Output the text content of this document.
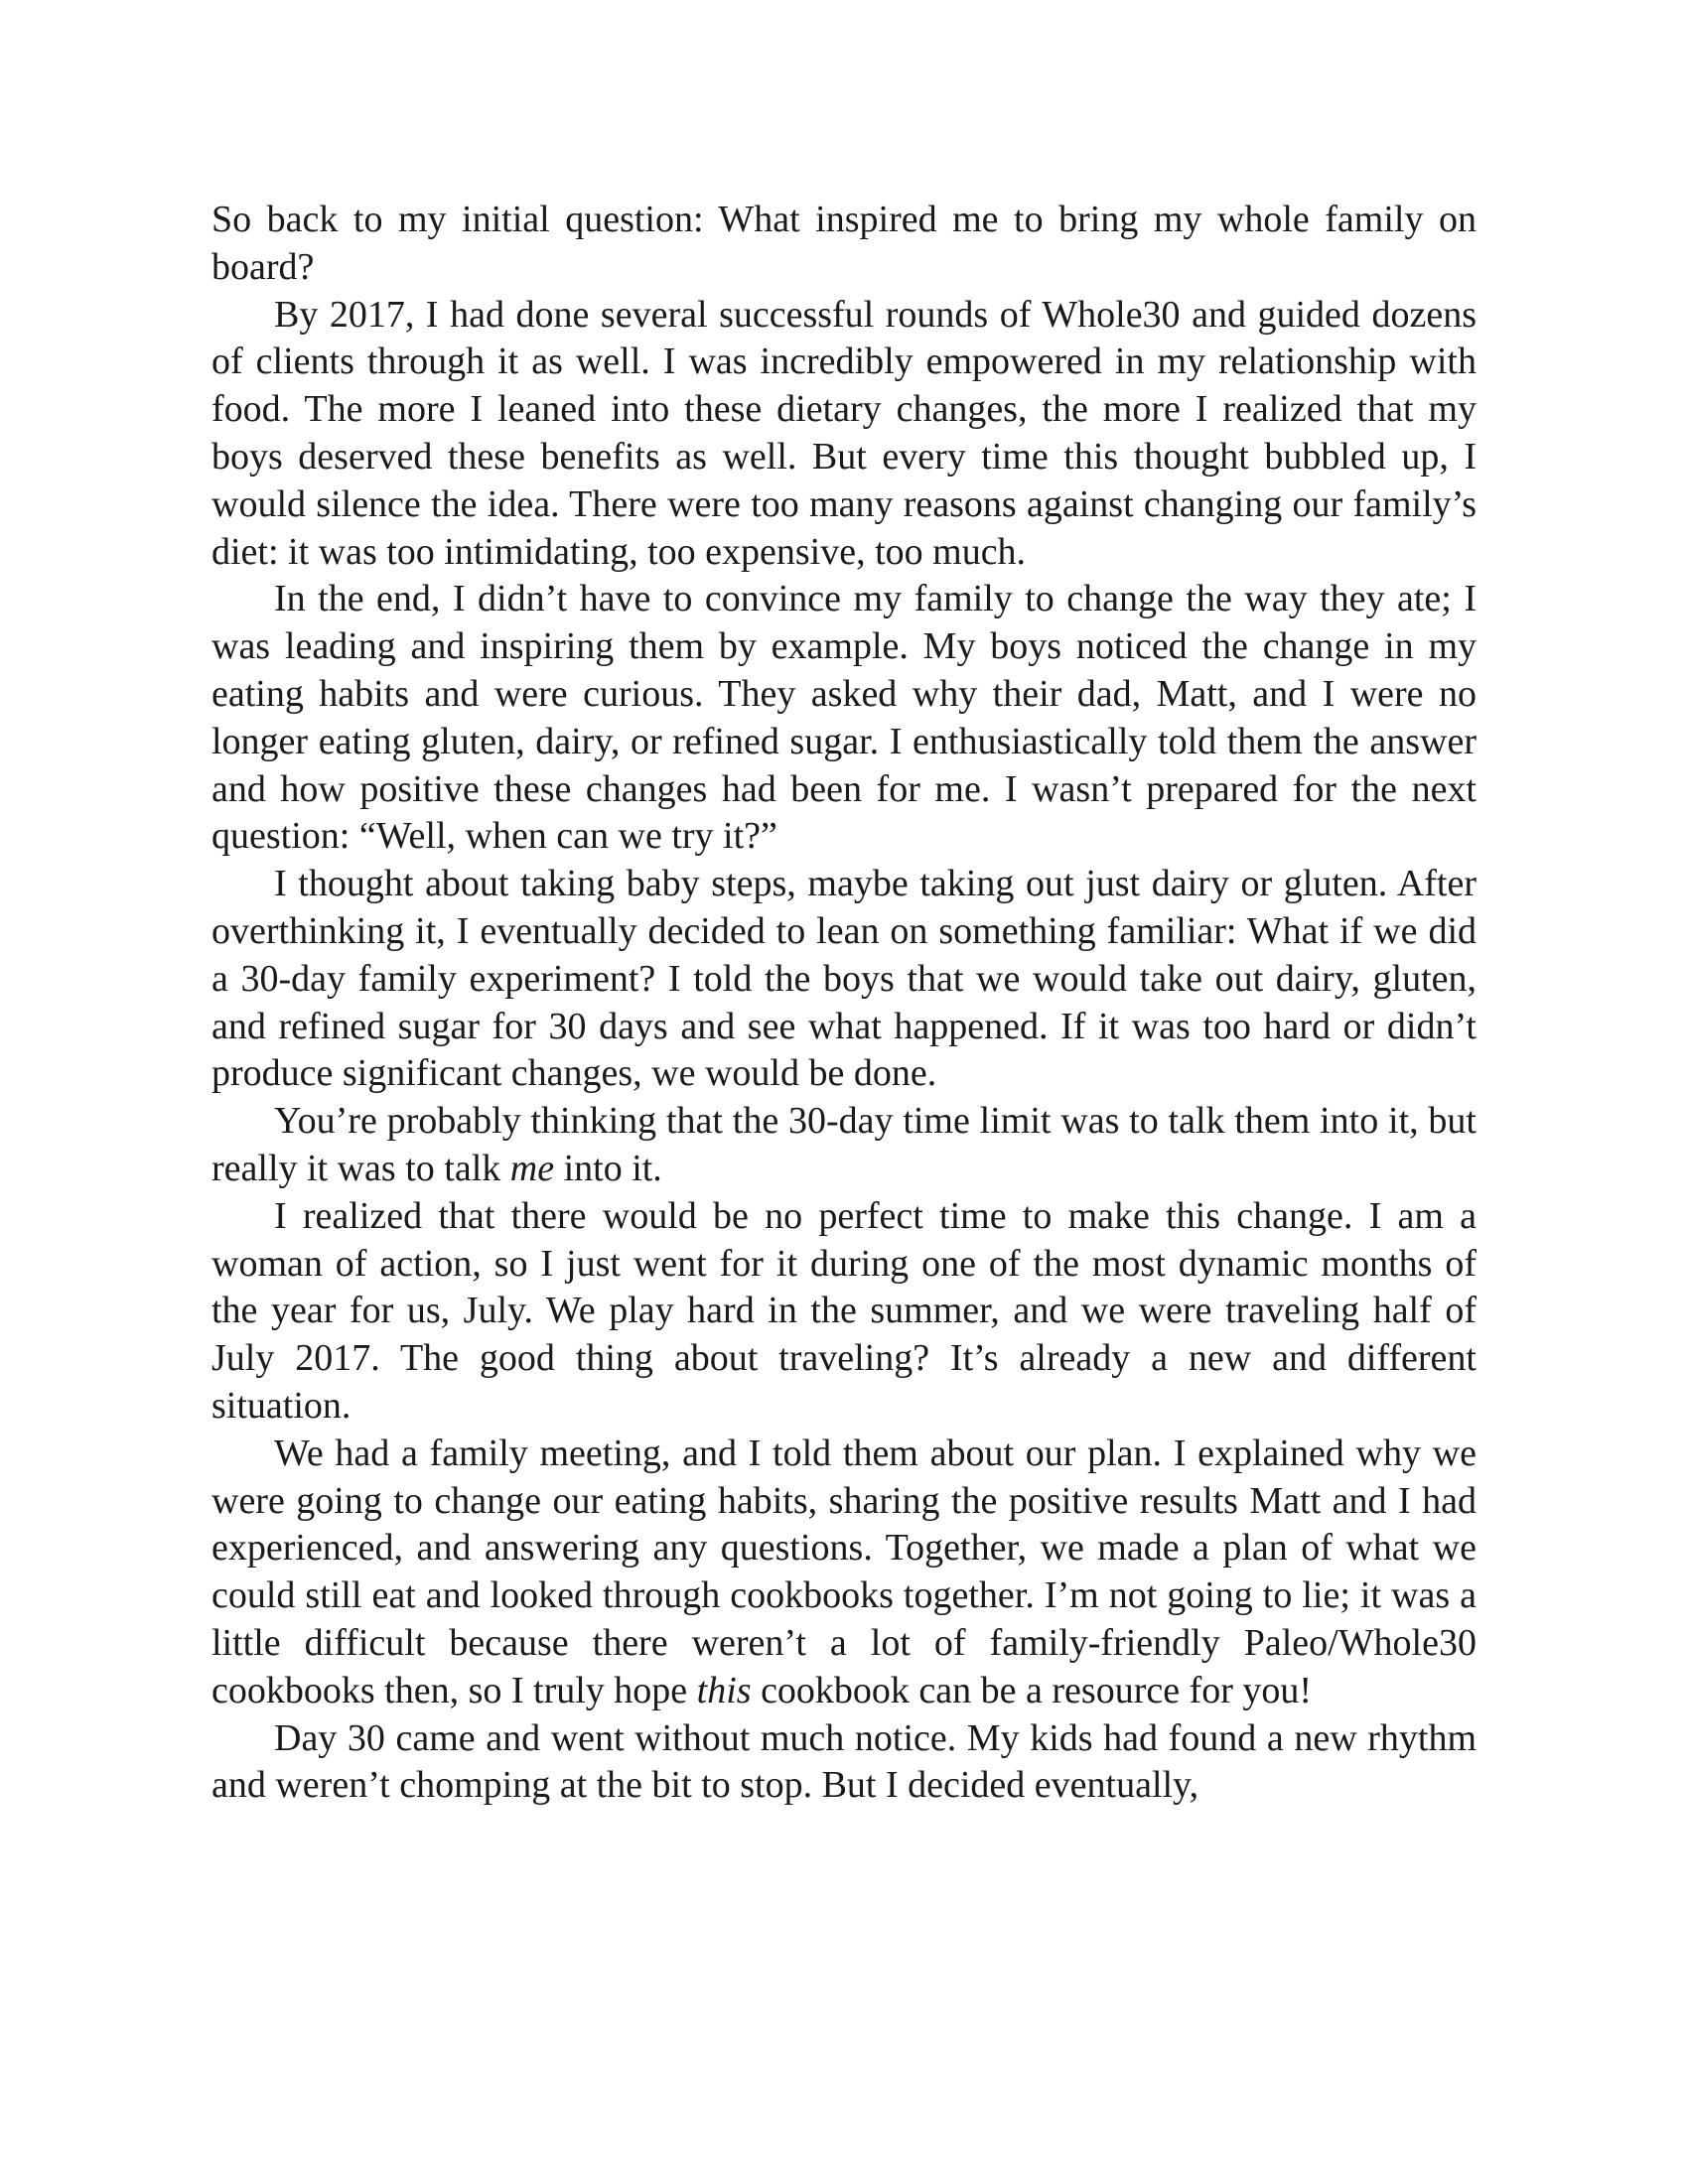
So back to my initial question: What inspired me to bring my whole family on board?

By 2017, I had done several successful rounds of Whole30 and guided dozens of clients through it as well. I was incredibly empowered in my relationship with food. The more I leaned into these dietary changes, the more I realized that my boys deserved these benefits as well. But every time this thought bubbled up, I would silence the idea. There were too many reasons against changing our family’s diet: it was too intimidating, too expensive, too much.

In the end, I didn’t have to convince my family to change the way they ate; I was leading and inspiring them by example. My boys noticed the change in my eating habits and were curious. They asked why their dad, Matt, and I were no longer eating gluten, dairy, or refined sugar. I enthusiastically told them the answer and how positive these changes had been for me. I wasn’t prepared for the next question: “Well, when can we try it?”

I thought about taking baby steps, maybe taking out just dairy or gluten. After overthinking it, I eventually decided to lean on something familiar: What if we did a 30-day family experiment? I told the boys that we would take out dairy, gluten, and refined sugar for 30 days and see what happened. If it was too hard or didn’t produce significant changes, we would be done.

You’re probably thinking that the 30-day time limit was to talk them into it, but really it was to talk me into it.

I realized that there would be no perfect time to make this change. I am a woman of action, so I just went for it during one of the most dynamic months of the year for us, July. We play hard in the summer, and we were traveling half of July 2017. The good thing about traveling? It’s already a new and different situation.

We had a family meeting, and I told them about our plan. I explained why we were going to change our eating habits, sharing the positive results Matt and I had experienced, and answering any questions. Together, we made a plan of what we could still eat and looked through cookbooks together. I’m not going to lie; it was a little difficult because there weren’t a lot of family-friendly Paleo/Whole30 cookbooks then, so I truly hope this cookbook can be a resource for you!

Day 30 came and went without much notice. My kids had found a new rhythm and weren’t chomping at the bit to stop. But I decided eventually,
